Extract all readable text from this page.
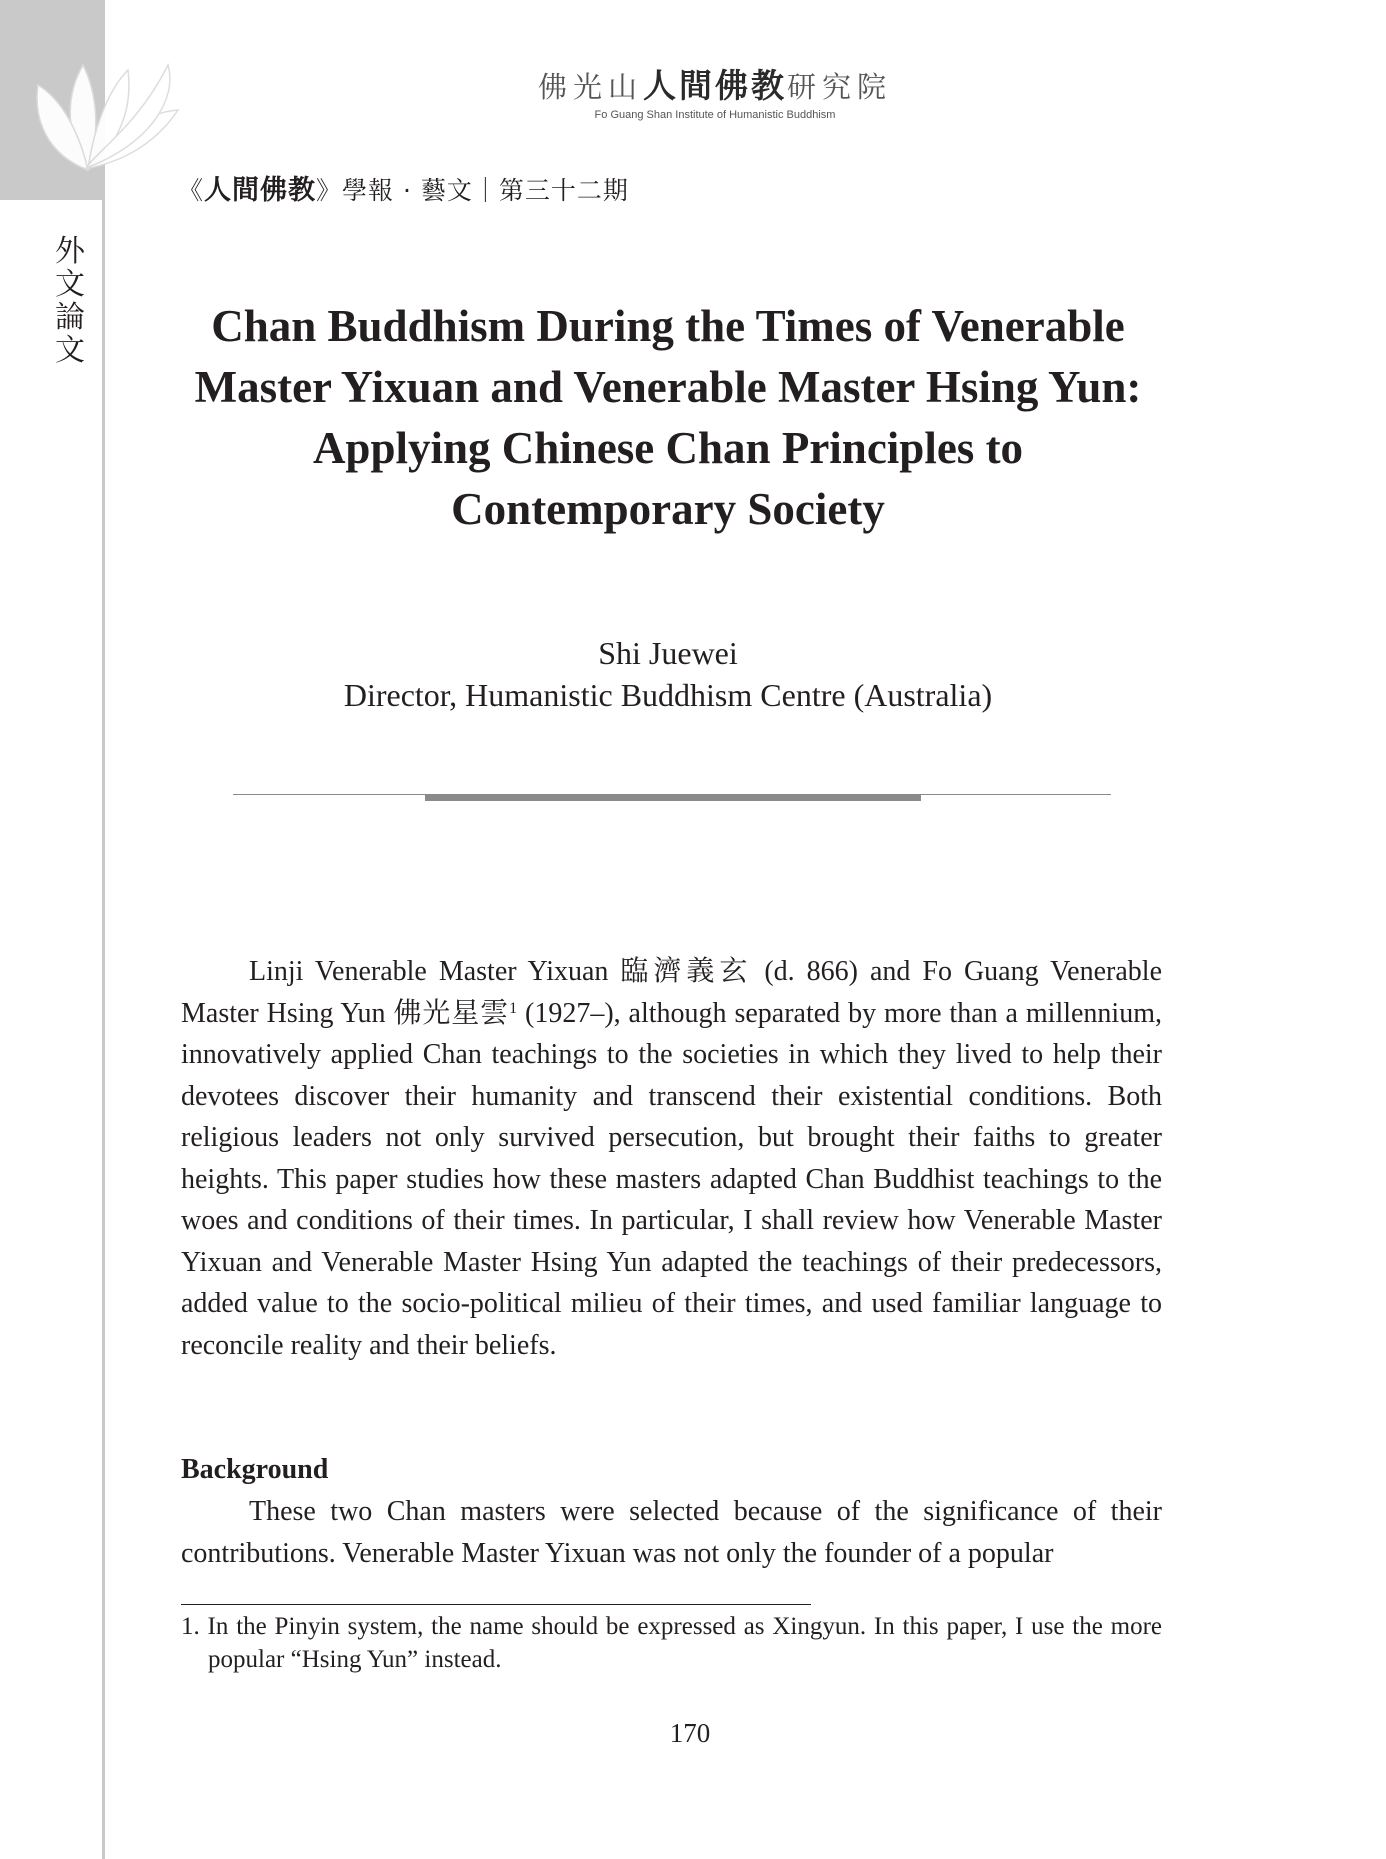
外
文
論
文
佛光山人間佛教研究院
Fo Guang Shan Institute of Humanistic Buddhism
《人間佛教》學報 · 藝文｜第三十二期
Chan Buddhism During the Times of Venerable Master Yixuan and Venerable Master Hsing Yun: Applying Chinese Chan Principles to Contemporary Society
Shi Juewei
Director, Humanistic Buddhism Centre (Australia)

Linji Venerable Master Yixuan 臨濟義玄 (d. 866) and Fo Guang Venerable Master Hsing Yun 佛光星雲$^1$ (1927–), although separated by more than a millennium, innovatively applied Chan teachings to the societies in which they lived to help their devotees discover their humanity and transcend their existential conditions. Both religious leaders not only survived persecution, but brought their faiths to greater heights. This paper studies how these masters adapted Chan Buddhist teachings to the woes and conditions of their times. In particular, I shall review how Venerable Master Yixuan and Venerable Master Hsing Yun adapted the teachings of their predecessors, added value to the socio-political milieu of their times, and used familiar language to reconcile reality and their beliefs.

Background

These two Chan masters were selected because of the significance of their contributions. Venerable Master Yixuan was not only the founder of a popular

1. In the Pinyin system, the name should be expressed as Xingyun. In this paper, I use the more popular “Hsing Yun” instead.
170
